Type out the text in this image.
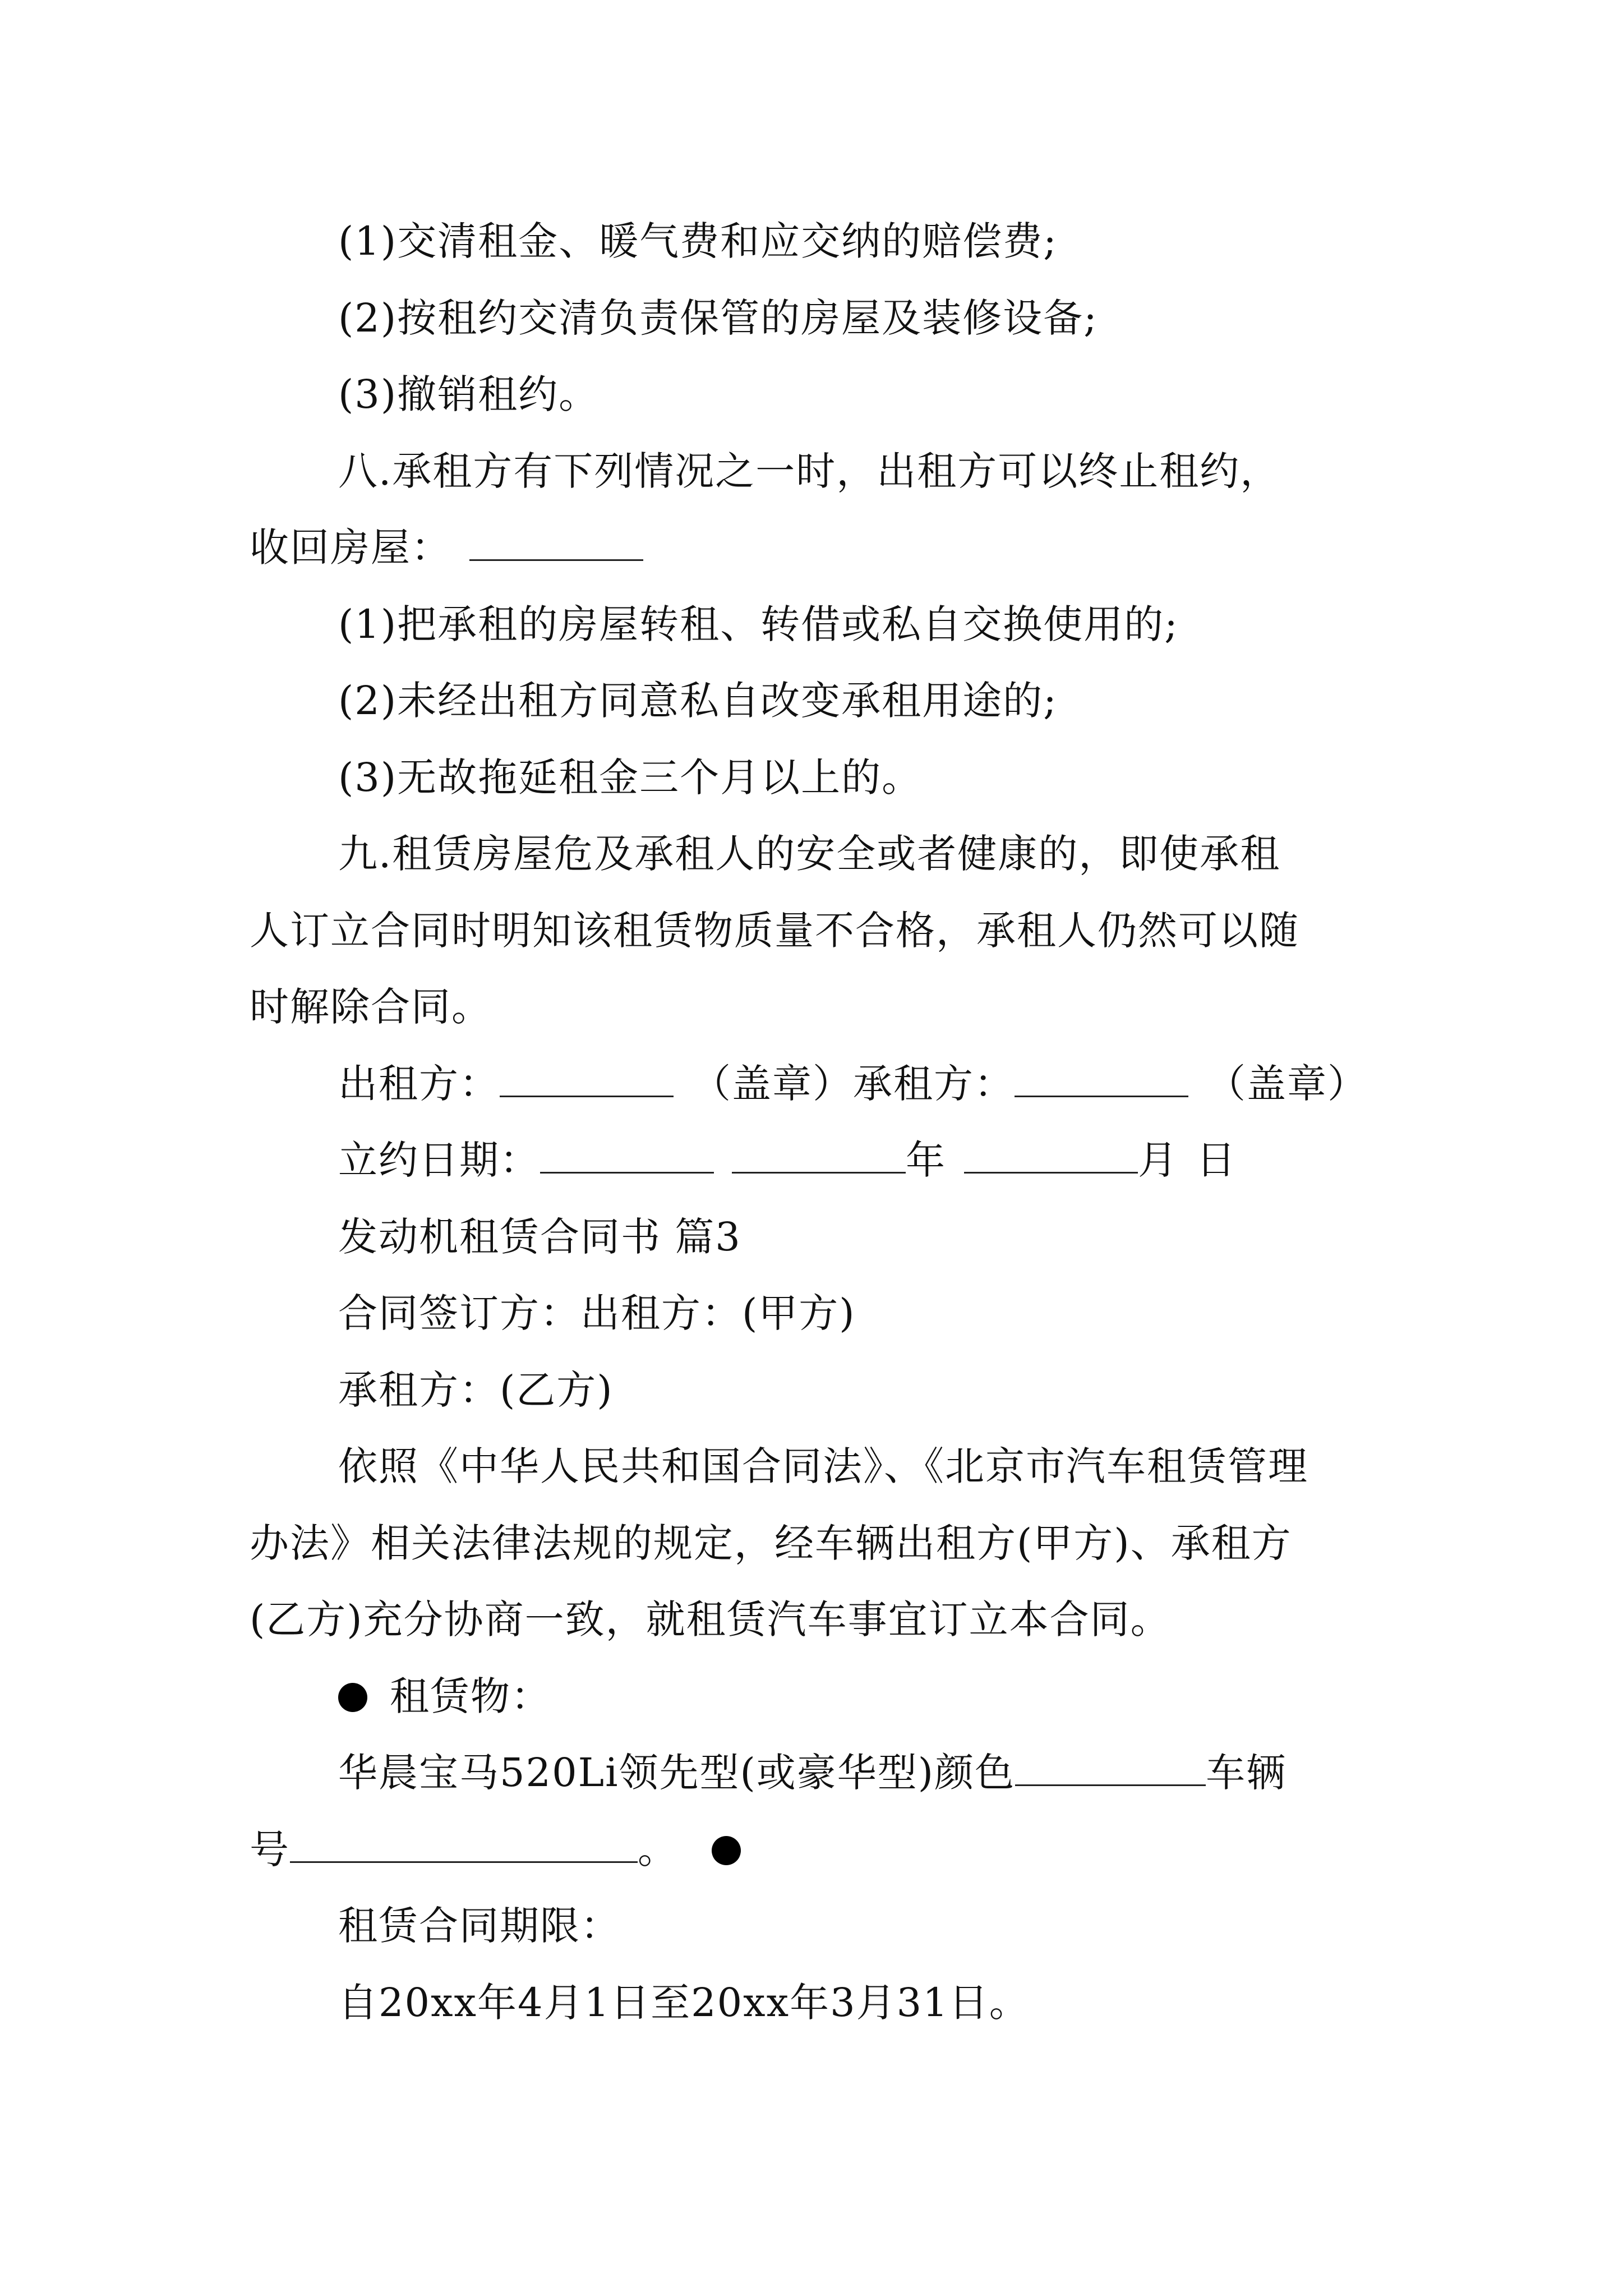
(1)交清租金、暖气费和应交纳的赔偿费;

(2)按租约交清负责保管的房屋及装修设备;

(3)撤销租约。

八.承租方有下列情况之一时，出租方可以终止租约，

收回房屋：

(1)把承租的房屋转租、转借或私自交换使用的;

(2)未经出租方同意私自改变承租用途的;

(3)无故拖延租金三个月以上的。

九.租赁房屋危及承租人的安全或者健康的，即使承租

人订立合同时明知该租赁物质量不合格，承租人仍然可以随

时解除合同。

出租方：	（盖章）承租方：	（盖章）

立约日期：	年	月 日

发动机租赁合同书 篇3

合同签订方：出租方：(甲方)

承租方：(乙方)

依照《中华人民共和国合同法》、《北京市汽车租赁管理

办法》相关法律法规的规定，经车辆出租方(甲方)、承租方

(乙方)充分协商一致，就租赁汽车事宜订立本合同。

租赁物：

华晨宝马520Li领先型(或豪华型)颜色	车辆

号	。

租赁合同期限：

自20xx年4月1日至20xx年3月31日。
